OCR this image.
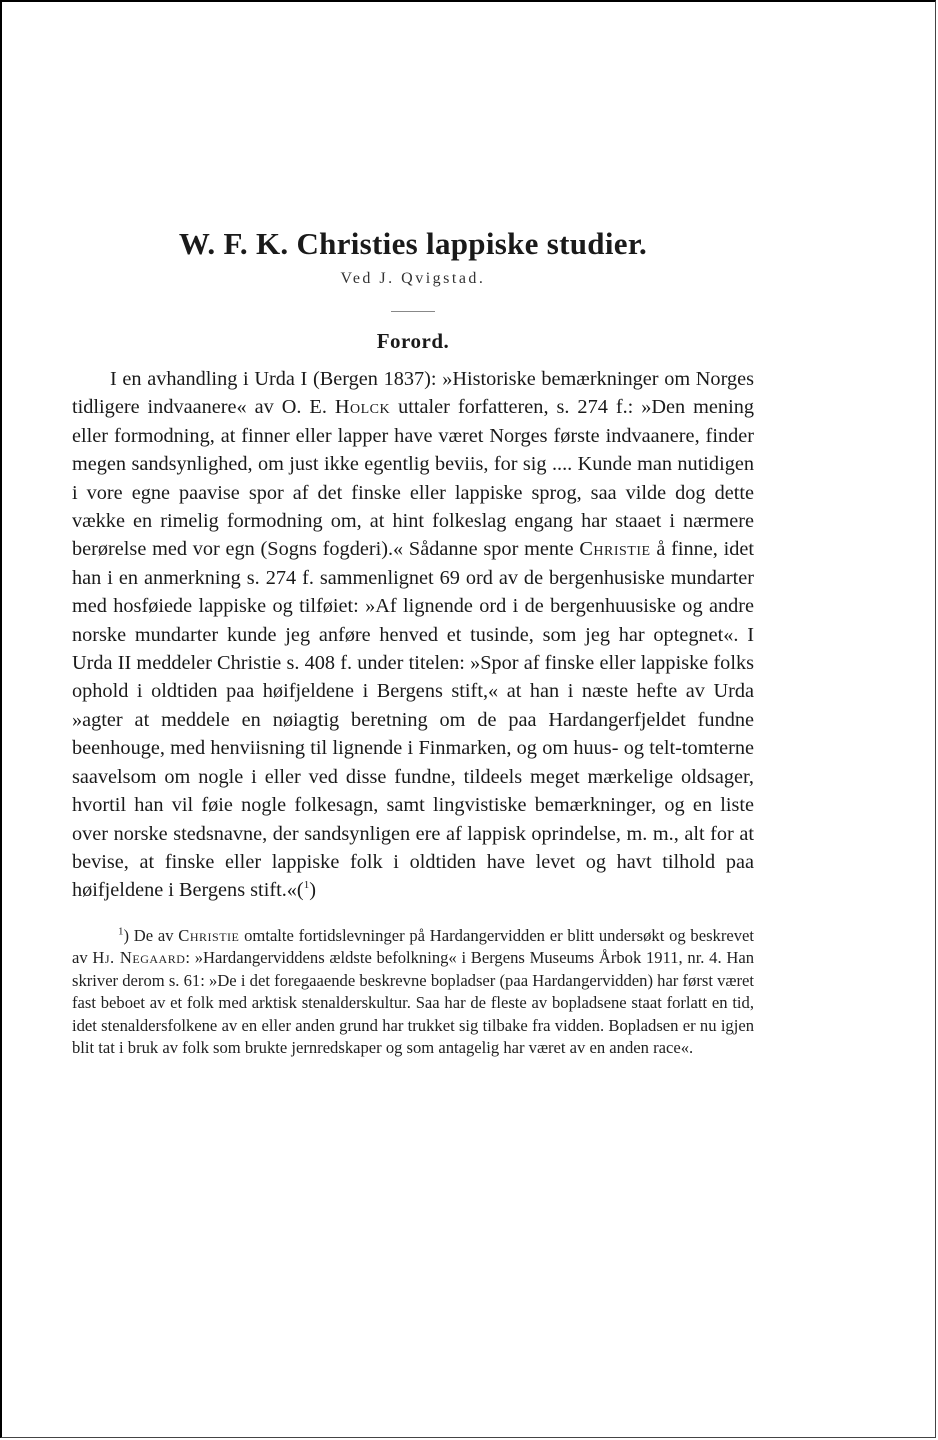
W. F. K. Christies lappiske studier.
Ved J. Qvigstad.
Forord.

I en avhandling i Urda I (Bergen 1837): »Historiske bemærkninger om Norges tidligere indvaanere« av O. E. Holck uttaler forfatteren, s. 274 f.: »Den mening eller formodning, at finner eller lapper have været Norges første indvaanere, finder megen sandsynlighed, om just ikke egentlig beviis, for sig .... Kunde man nutidigen i vore egne paavise spor af det finske eller lappiske sprog, saa vilde dog dette vække en rimelig formodning om, at hint folkeslag engang har staaet i nærmere berørelse med vor egn (Sogns fogderi).« Sådanne spor mente Christie å finne, idet han i en anmerkning s. 274 f. sammenlignet 69 ord av de bergenhusiske mundarter med hosføiede lappiske og tilføiet: »Af lignende ord i de bergenhuusiske og andre norske mundarter kunde jeg anføre henved et tusinde, som jeg har optegnet«. I Urda II meddeler Christie s. 408 f. under titelen: »Spor af finske eller lappiske folks ophold i oldtiden paa høifjeldene i Bergens stift,« at han i næste hefte av Urda »agter at meddele en nøiagtig beretning om de paa Hardangerfjeldet fundne beenhouge, med henviisning til lignende i Finmarken, og om huus- og telt-tomterne saavelsom om nogle i eller ved disse fundne, tildeels meget mærkelige oldsager, hvortil han vil føie nogle folkesagn, samt lingvistiske bemærkninger, og en liste over norske stedsnavne, der sandsynligen ere af lappisk oprindelse, m. m., alt for at bevise, at finske eller lappiske folk i oldtiden have levet og havt tilhold paa høifjeldene i Bergens stift.«($^1$)

$^1$) De av Christie omtalte fortidslevninger på Hardangervidden er blitt undersøkt og beskrevet av Hj. Negaard: »Hardangerviddens ældste befolkning« i Bergens Museums Årbok 1911, nr. 4. Han skriver derom s. 61: »De i det foregaaende beskrevne bopladser (paa Hardangervidden) har først været fast beboet av et folk med arktisk stenalderskultur. Saa har de fleste av bopladsene staat forlatt en tid, idet stenaldersfolkene av en eller anden grund har trukket sig tilbake fra vidden. Bopladsen er nu igjen blit tat i bruk av folk som brukte jernredskaper og som antagelig har været av en anden race«.
